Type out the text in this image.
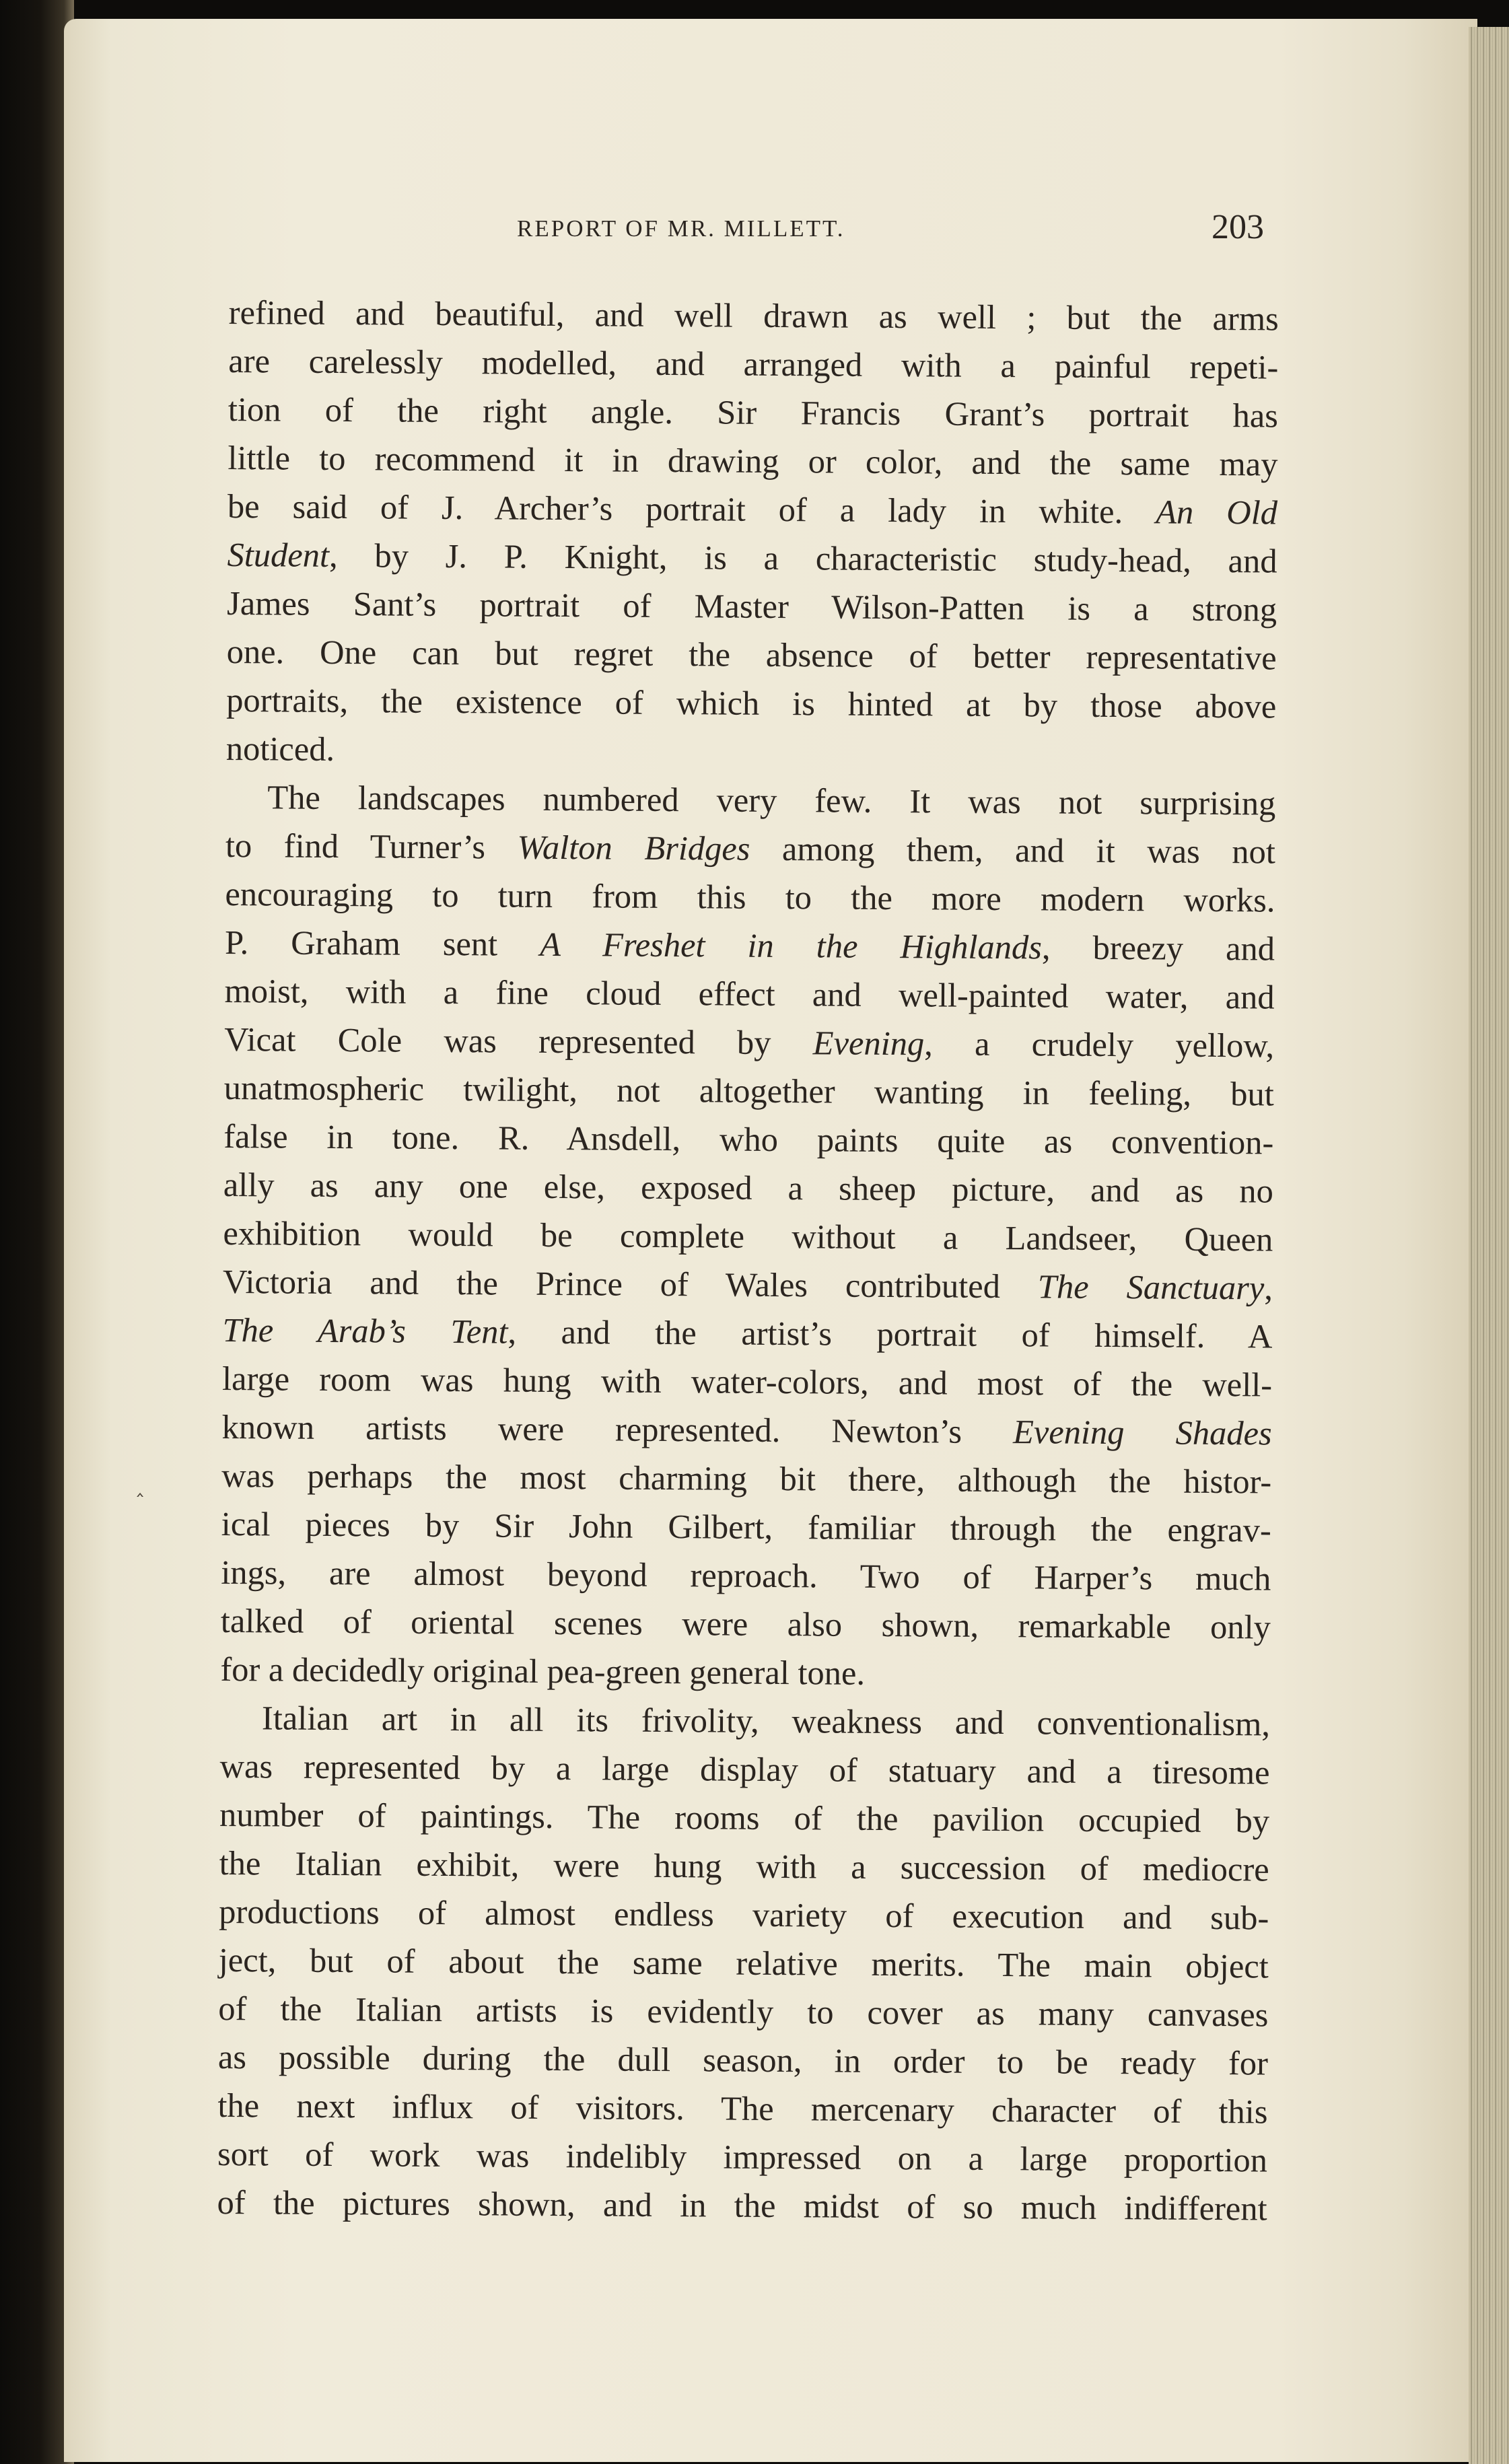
REPORT OF MR. MILLETT.	203
‸
refined and beautiful, and well drawn as well ; but the arms
are carelessly modelled, and arranged with a painful repeti-
tion of the right angle. Sir Francis Grant’s portrait has
little to recommend it in drawing or color, and the same may
be said of J. Archer’s portrait of a lady in white. An Old
Student, by J. P. Knight, is a characteristic study-head, and
James Sant’s portrait of Master Wilson-Patten is a strong
one. One can but regret the absence of better representative
portraits, the existence of which is hinted at by those above
noticed.
The landscapes numbered very few. It was not surprising
to find Turner’s Walton Bridges among them, and it was not
encouraging to turn from this to the more modern works.
P. Graham sent A Freshet in the Highlands, breezy and
moist, with a fine cloud effect and well-painted water, and
Vicat Cole was represented by Evening, a crudely yellow,
unatmospheric twilight, not altogether wanting in feeling, but
false in tone. R. Ansdell, who paints quite as convention-
ally as any one else, exposed a sheep picture, and as no
exhibition would be complete without a Landseer, Queen
Victoria and the Prince of Wales contributed The Sanctuary,
The Arab’s Tent, and the artist’s portrait of himself. A
large room was hung with water-colors, and most of the well-
known artists were represented. Newton’s Evening Shades
was perhaps the most charming bit there, although the histor-
ical pieces by Sir John Gilbert, familiar through the engrav-
ings, are almost beyond reproach. Two of Harper’s much
talked of oriental scenes were also shown, remarkable only
for a decidedly original pea-green general tone.
Italian art in all its frivolity, weakness and conventionalism,
was represented by a large display of statuary and a tiresome
number of paintings. The rooms of the pavilion occupied by
the Italian exhibit, were hung with a succession of mediocre
productions of almost endless variety of execution and sub-
ject, but of about the same relative merits. The main object
of the Italian artists is evidently to cover as many canvases
as possible during the dull season, in order to be ready for
the next influx of visitors. The mercenary character of this
sort of work was indelibly impressed on a large proportion
of the pictures shown, and in the midst of so much indifferent
